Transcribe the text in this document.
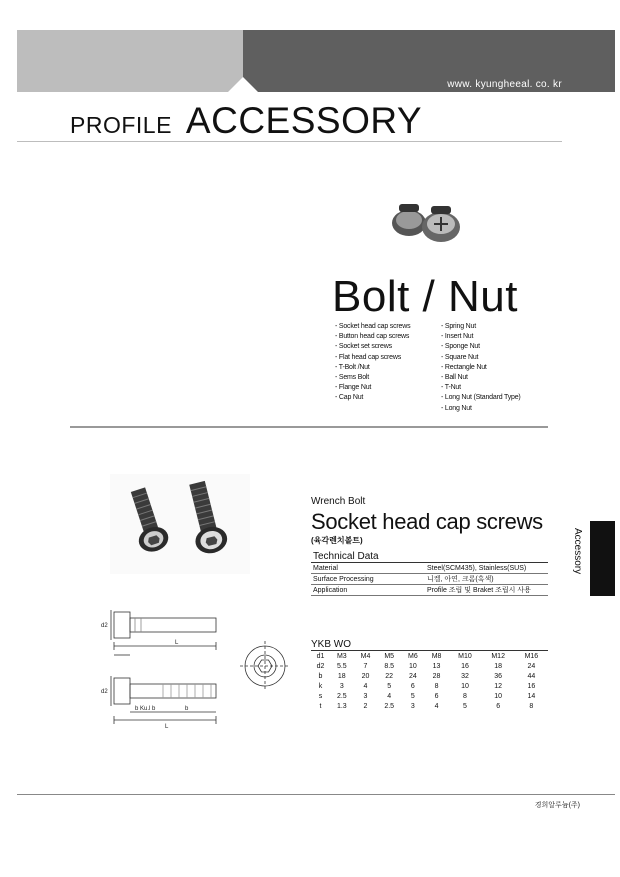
www. kyungheeal. co. kr
PROFILE ACCESSORY
Bolt / Nut
- Socket head cap screws
- Button head cap screws
- Socket set screws
- Flat head cap screws
- T-Bolt /Nut
- Sems Bolt
- Flange Nut
- Cap Nut
- Spring Nut
- Insert Nut
- Sponge Nut
- Square Nut
- Rectangle Nut
- Ball Nut
- T-Nut
- Long Nut (Standard Type)
- Long Nut
Wrench Bolt
Socket head cap screws
(육각렌치볼트)
Technical Data	
Material	Steel(SCM435), Stainless(SUS)
Surface Processing	니켈, 아연, 크롬(흑색)
Application	Profile 조립 및 Braket 조립시 사용
d2
L
d2
b
b Ku.l b
L
YKB WO								
d1	M3	M4	M5	M6	M8	M10	M12	M16
d2	5.5	7	8.5	10	13	16	18	24
b	18	20	22	24	28	32	36	44
k	3	4	5	6	8	10	12	16
s	2.5	3	4	5	6	8	10	14
t	1.3	2	2.5	3	4	5	6	8
Accessory
경희알루늄(주)
